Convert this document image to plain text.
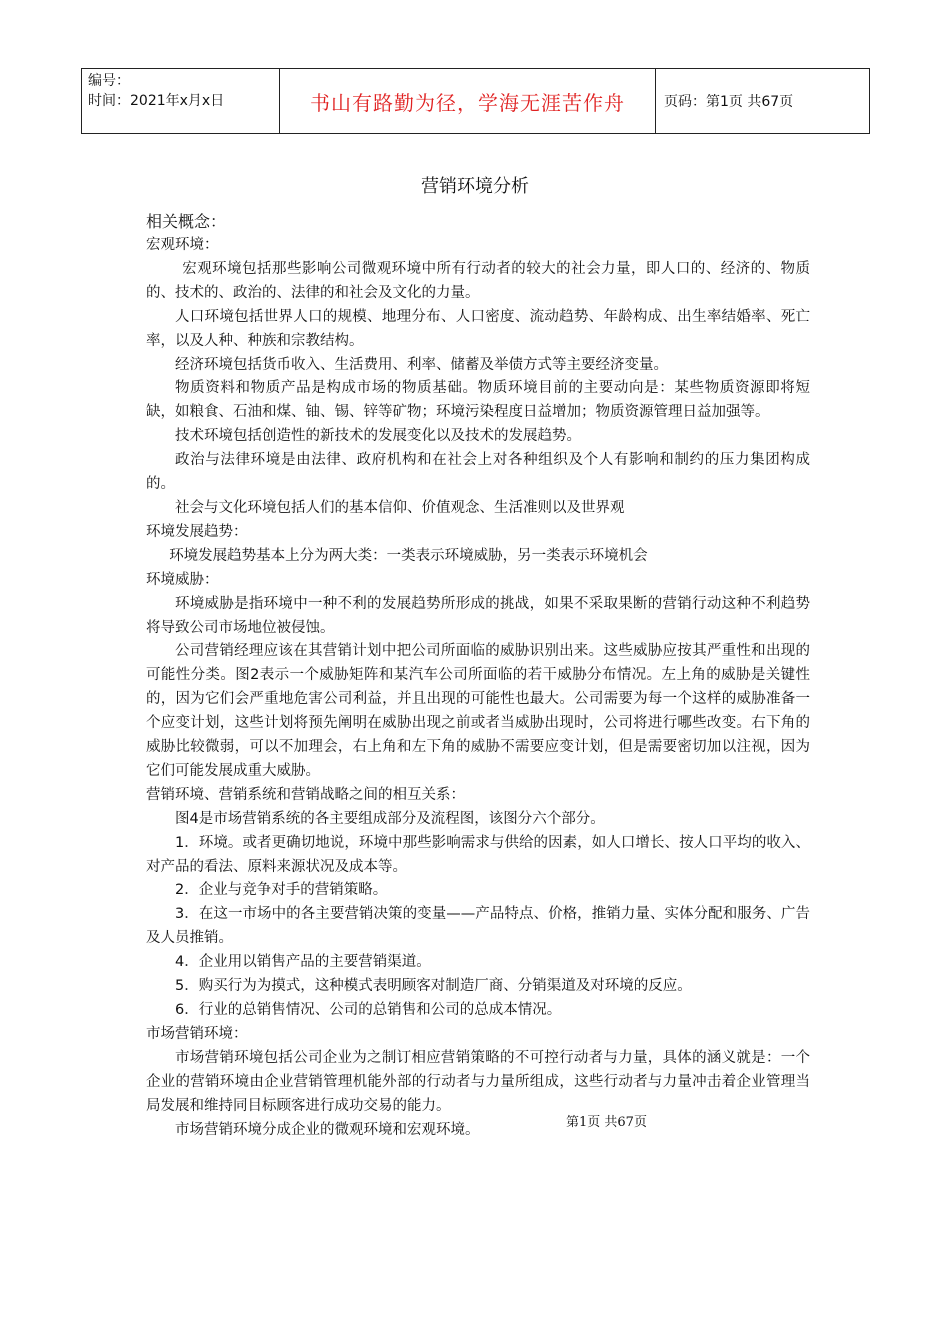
编号：
时间：2021年x月x日	书山有路勤为径，学海无涯苦作舟	页码：第1页 共67页
营销环境分析

相关概念：

宏观环境：

宏观环境包括那些影响公司微观环境中所有行动者的较大的社会力量，即人口的、经济的、物质的、技术的、政治的、法律的和社会及文化的力量。

人口环境包括世界人口的规模、地理分布、人口密度、流动趋势、年龄构成、出生率结婚率、死亡率，以及人种、种族和宗教结构。

经济环境包括货币收入、生活费用、利率、储蓄及举债方式等主要经济变量。

物质资料和物质产品是构成市场的物质基础。物质环境目前的主要动向是：某些物质资源即将短缺，如粮食、石油和煤、铀、锡、锌等矿物；环境污染程度日益增加；物质资源管理日益加强等。

技术环境包括创造性的新技术的发展变化以及技术的发展趋势。

政治与法律环境是由法律、政府机构和在社会上对各种组织及个人有影响和制约的压力集团构成的。

社会与文化环境包括人们的基本信仰、价值观念、生活准则以及世界观

环境发展趋势：

环境发展趋势基本上分为两大类：一类表示环境威胁，另一类表示环境机会

环境威胁：

环境威胁是指环境中一种不利的发展趋势所形成的挑战，如果不采取果断的营销行动这种不利趋势将导致公司市场地位被侵蚀。

公司营销经理应该在其营销计划中把公司所面临的威胁识别出来。这些威胁应按其严重性和出现的可能性分类。图2表示一个威胁矩阵和某汽车公司所面临的若干威胁分布情况。左上角的威胁是关键性的，因为它们会严重地危害公司利益，并且出现的可能性也最大。公司需要为每一个这样的威胁准备一个应变计划，这些计划将预先阐明在威胁出现之前或者当威胁出现时，公司将进行哪些改变。右下角的威胁比较微弱，可以不加理会，右上角和左下角的威胁不需要应变计划，但是需要密切加以注视，因为它们可能发展成重大威胁。

营销环境、营销系统和营销战略之间的相互关系：

图4是市场营销系统的各主要组成部分及流程图，该图分六个部分。

1．环境。或者更确切地说，环境中那些影响需求与供给的因素，如人口增长、按人口平均的收入、对产品的看法、原料来源状况及成本等。

2．企业与竞争对手的营销策略。

3．在这一市场中的各主要营销决策的变量——产品特点、价格，推销力量、实体分配和服务、广告及人员推销。

4．企业用以销售产品的主要营销渠道。

5．购买行为为摸式，这种模式表明顾客对制造厂商、分销渠道及对环境的反应。

6．行业的总销售情况、公司的总销售和公司的总成本情况。

市场营销环境：

市场营销环境包括公司企业为之制订相应营销策略的不可控行动者与力量，具体的涵义就是：一个企业的营销环境由企业营销管理机能外部的行动者与力量所组成，这些行动者与力量冲击着企业管理当局发展和维持同目标顾客进行成功交易的能力。

市场营销环境分成企业的微观环境和宏观环境。	第1页 共67页
